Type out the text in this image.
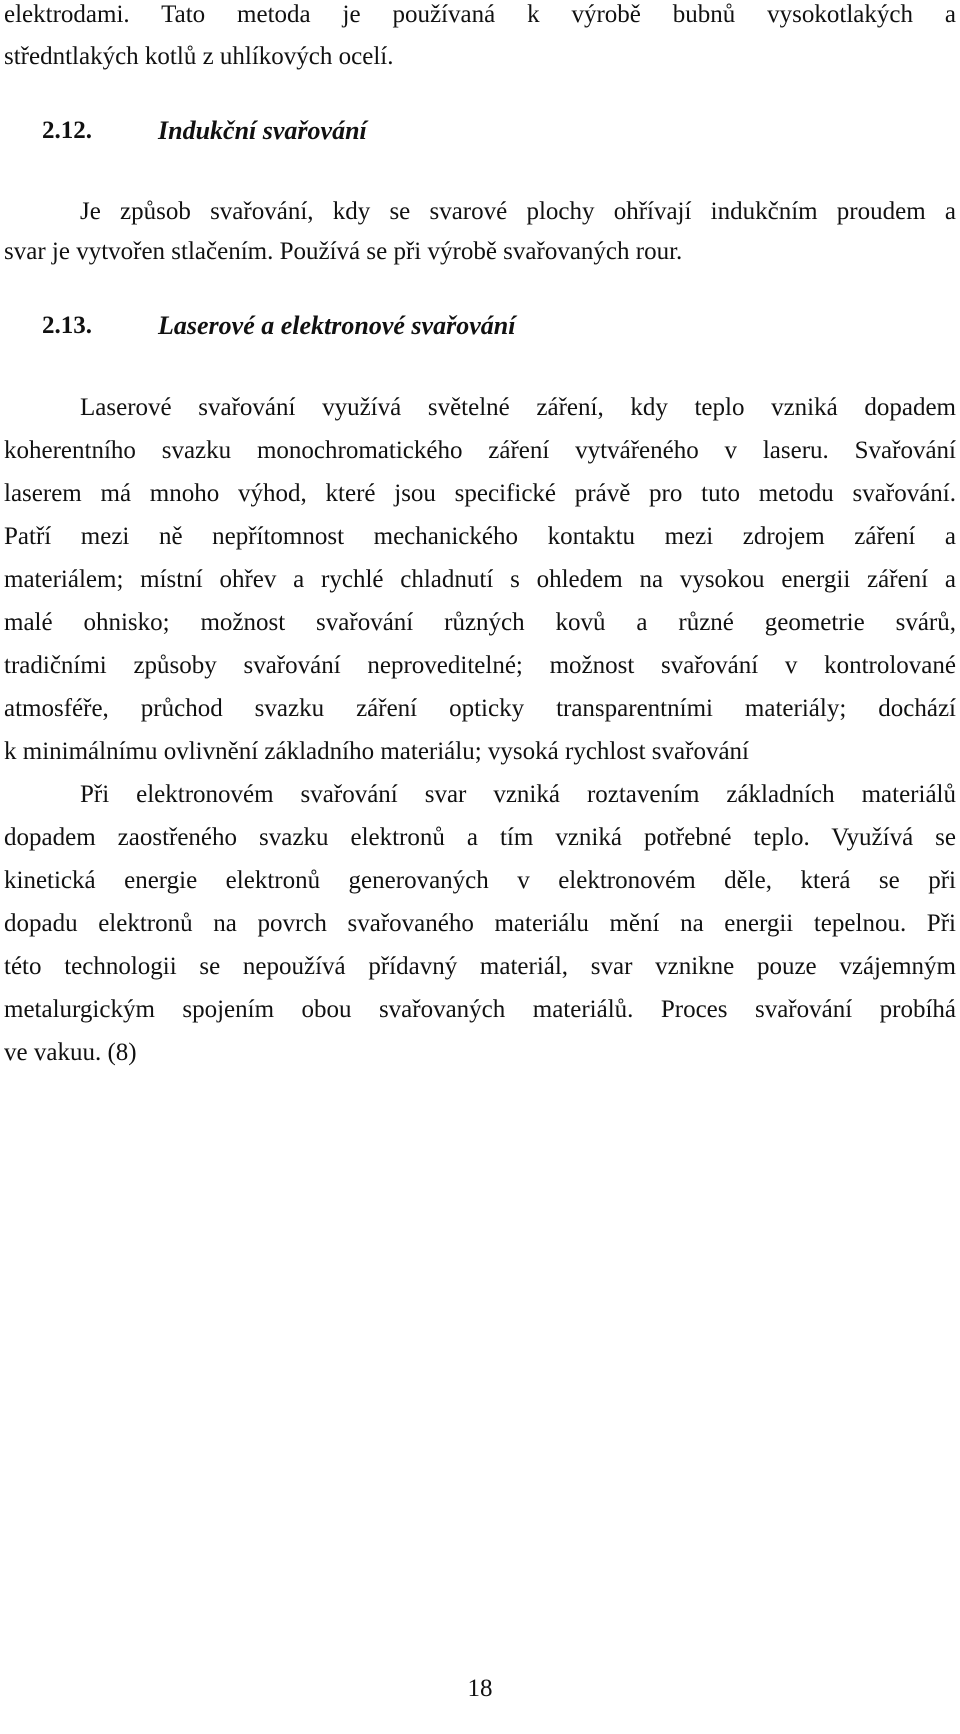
elektrodami. Tato metoda je používaná k výrobě bubnů vysokotlakých a
středntlakých kotlů z uhlíkových ocelí.
2.12.	Indukční svařování
Je způsob svařování, kdy se svarové plochy ohřívají indukčním proudem a
svar je vytvořen stlačením. Používá se při výrobě svařovaných rour.
2.13.	Laserové a elektronové svařování
Laserové svařování využívá světelné záření, kdy teplo vzniká dopadem
koherentního svazku monochromatického záření vytvářeného v laseru. Svařování
laserem má mnoho výhod, které jsou specifické právě pro tuto metodu svařování.
Patří mezi ně nepřítomnost mechanického kontaktu mezi zdrojem záření a
materiálem; místní ohřev a rychlé chladnutí s ohledem na vysokou energii záření a
malé ohnisko; možnost svařování různých kovů a různé geometrie svárů,
tradičními způsoby svařování neproveditelné; možnost svařování v kontrolované
atmosféře, průchod svazku záření opticky transparentními materiály; dochází
k minimálnímu ovlivnění základního materiálu; vysoká rychlost svařování
Při elektronovém svařování svar vzniká roztavením základních materiálů
dopadem zaostřeného svazku elektronů a tím vzniká potřebné teplo. Využívá se
kinetická energie elektronů generovaných v elektronovém děle, která se při
dopadu elektronů na povrch svařovaného materiálu mění na energii tepelnou. Při
této technologii se nepoužívá přídavný materiál, svar vznikne pouze vzájemným
metalurgickým spojením obou svařovaných materiálů. Proces svařování probíhá
ve vakuu. (8)
18
